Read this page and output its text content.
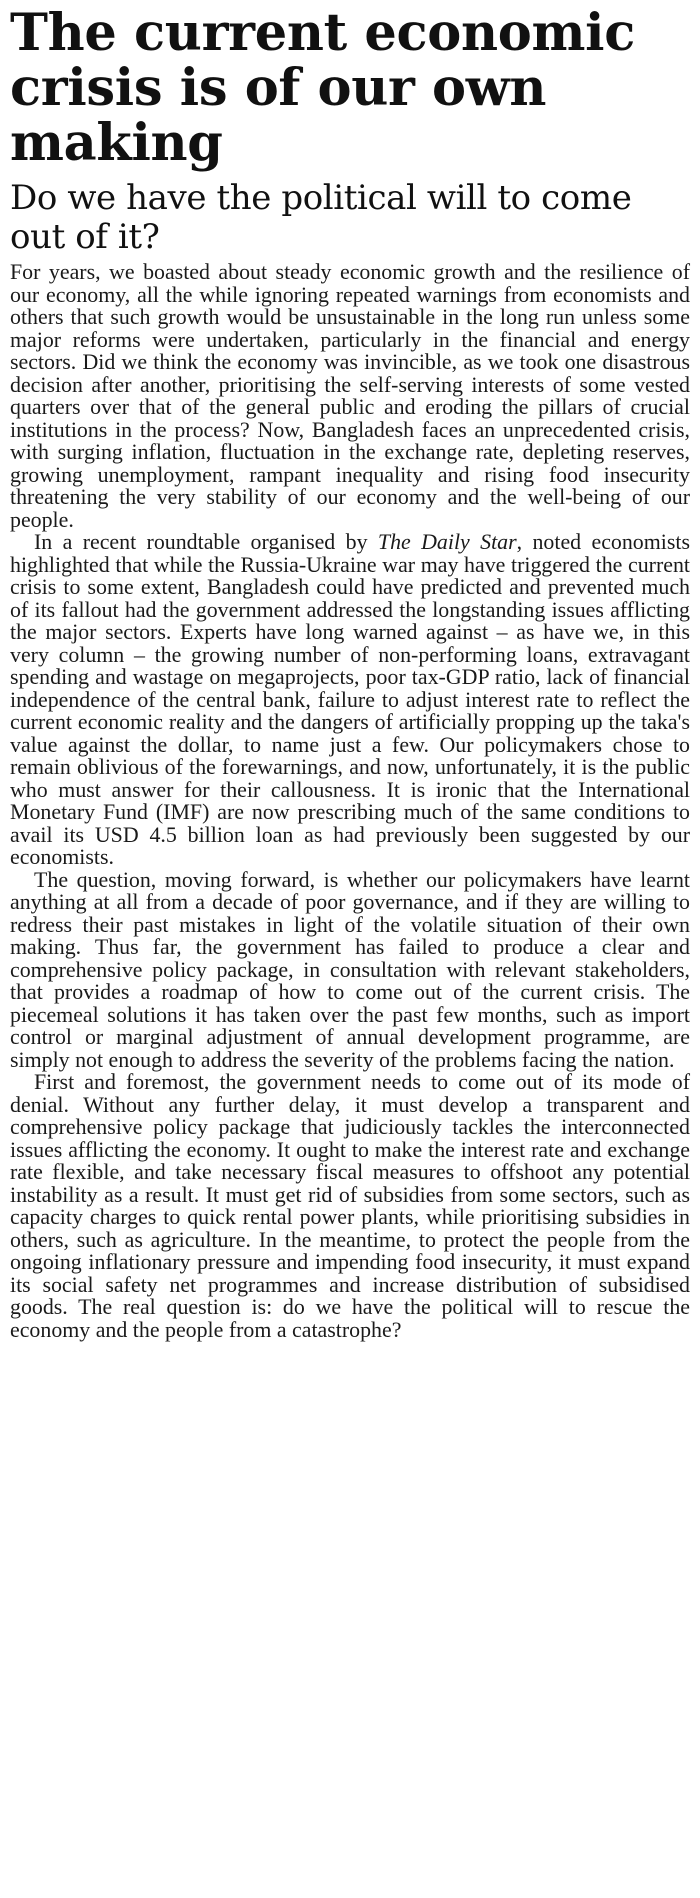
The current economic crisis is of our own making
Do we have the political will to come out of it?

For years, we boasted about steady economic growth and the resilience of our economy, all the while ignoring repeated warnings from economists and others that such growth would be unsustainable in the long run unless some major reforms were undertaken, particularly in the financial and energy sectors. Did we think the economy was invincible, as we took one disastrous decision after another, prioritising the self-serving interests of some vested quarters over that of the general public and eroding the pillars of crucial institutions in the process? Now, Bangladesh faces an unprecedented crisis, with surging inflation, fluctuation in the exchange rate, depleting reserves, growing unemployment, rampant inequality and rising food insecurity threatening the very stability of our economy and the well-being of our people.

In a recent roundtable organised by The Daily Star, noted economists highlighted that while the Russia-Ukraine war may have triggered the current crisis to some extent, Bangladesh could have predicted and prevented much of its fallout had the government addressed the longstanding issues afflicting the major sectors. Experts have long warned against – as have we, in this very column – the growing number of non-performing loans, extravagant spending and wastage on megaprojects, poor tax-GDP ratio, lack of financial independence of the central bank, failure to adjust interest rate to reflect the current economic reality and the dangers of artificially propping up the taka's value against the dollar, to name just a few. Our policymakers chose to remain oblivious of the forewarnings, and now, unfortunately, it is the public who must answer for their callousness. It is ironic that the International Monetary Fund (IMF) are now prescribing much of the same conditions to avail its USD 4.5 billion loan as had previously been suggested by our economists.

The question, moving forward, is whether our policymakers have learnt anything at all from a decade of poor governance, and if they are willing to redress their past mistakes in light of the volatile situation of their own making. Thus far, the government has failed to produce a clear and comprehensive policy package, in consultation with relevant stakeholders, that provides a roadmap of how to come out of the current crisis. The piecemeal solutions it has taken over the past few months, such as import control or marginal adjustment of annual development programme, are simply not enough to address the severity of the problems facing the nation.

First and foremost, the government needs to come out of its mode of denial. Without any further delay, it must develop a transparent and comprehensive policy package that judiciously tackles the interconnected issues afflicting the economy. It ought to make the interest rate and exchange rate flexible, and take necessary fiscal measures to offshoot any potential instability as a result. It must get rid of subsidies from some sectors, such as capacity charges to quick rental power plants, while prioritising subsidies in others, such as agriculture. In the meantime, to protect the people from the ongoing inflationary pressure and impending food insecurity, it must expand its social safety net programmes and increase distribution of subsidised goods. The real question is: do we have the political will to rescue the economy and the people from a catastrophe?
